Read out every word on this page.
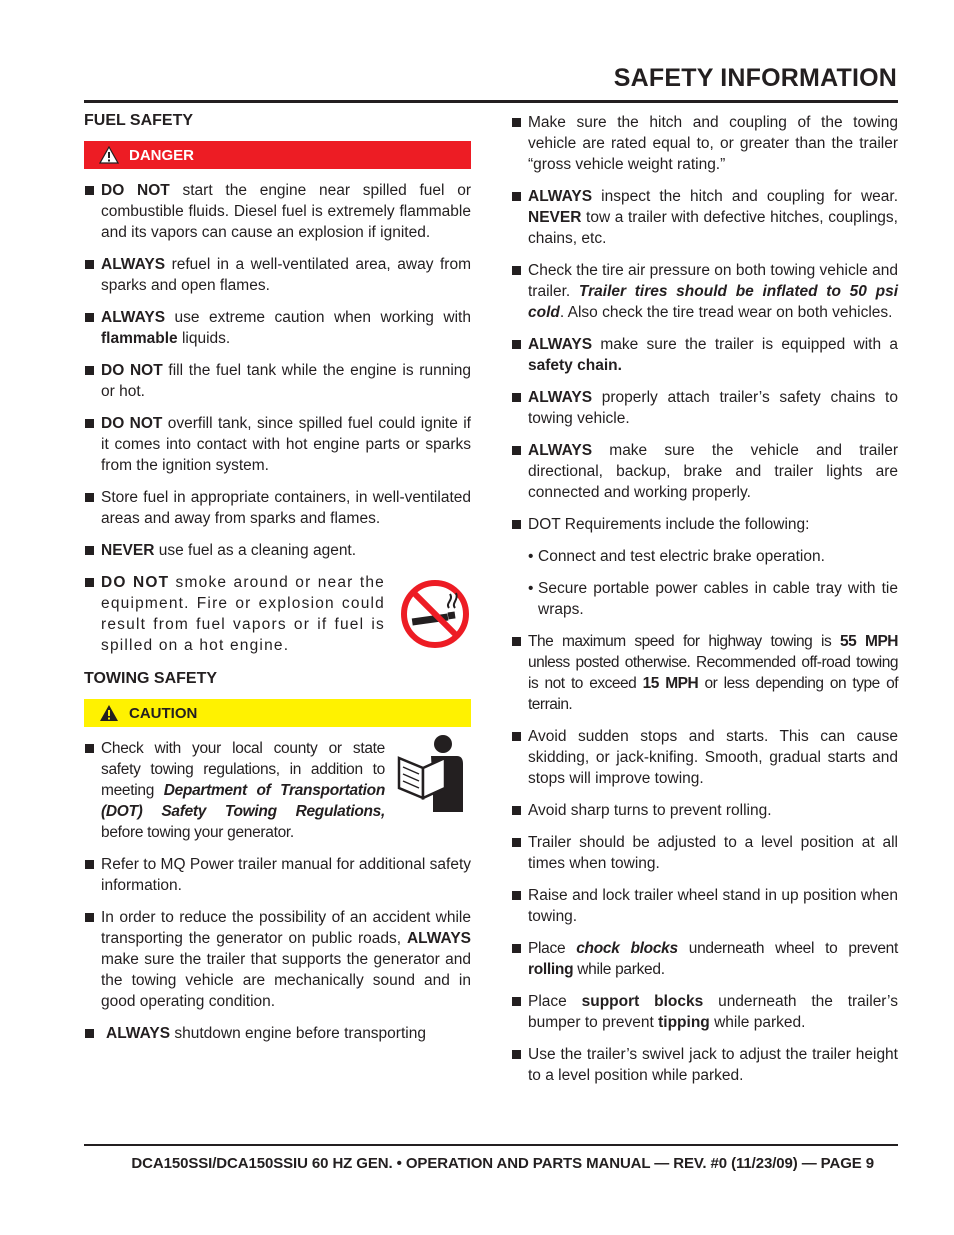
SAFETY INFORMATION
FUEL SAFETY
DANGER

DO NOT start the engine near spilled fuel or combustible fluids. Diesel fuel is extremely flammable and its vapors can cause an explosion if ignited.

ALWAYS refuel in a well-ventilated area, away from sparks and open flames.

ALWAYS use extreme caution when working with flammable liquids.

DO NOT fill the fuel tank while the engine is running or hot.

DO NOT overfill tank, since spilled fuel could ignite if it comes into contact with hot engine parts or sparks from the ignition system.

Store fuel in appropriate containers, in well-ventilated areas and away from sparks and flames.

NEVER use fuel as a cleaning agent.

DO NOT smoke around or near the equipment. Fire or explosion could result from fuel vapors or if fuel is spilled on a hot engine.

TOWING SAFETY
CAUTION

Check with your local county or state safety towing regulations, in addition to meeting Department of Transportation (DOT) Safety Towing Regulations, before towing your generator.

Refer to MQ Power trailer manual for additional safety information.

In order to reduce the possibility of an accident while transporting the generator on public roads, ALWAYS make sure the trailer that supports the generator and the towing vehicle are mechanically sound and in good operating condition.

ALWAYS shutdown engine before transporting

Make sure the hitch and coupling of the towing vehicle are rated equal to, or greater than the trailer “gross vehicle weight rating.”

ALWAYS inspect the hitch and coupling for wear. NEVER tow a trailer with defective hitches, couplings, chains, etc.

Check the tire air pressure on both towing vehicle and trailer. Trailer tires should be inflated to 50 psi cold. Also check the tire tread wear on both vehicles.

ALWAYS make sure the trailer is equipped with a safety chain.

ALWAYS properly attach trailer’s safety chains to towing vehicle.

ALWAYS make sure the vehicle and trailer directional, backup, brake and trailer lights are connected and working properly.

DOT Requirements include the following:

• Connect and test electric brake operation.

• Secure portable power cables in cable tray with tie wraps.

The maximum speed for highway towing is 55 MPH unless posted otherwise. Recommended off-road towing is not to exceed 15 MPH or less depending on type of terrain.

Avoid sudden stops and starts. This can cause skidding, or jack-knifing. Smooth, gradual starts and stops will improve towing.

Avoid sharp turns to prevent rolling.

Trailer should be adjusted to a level position at all times when towing.

Raise and lock trailer wheel stand in up position when towing.

Place chock blocks underneath wheel to prevent rolling while parked.

Place support blocks underneath the trailer’s bumper to prevent tipping while parked.

Use the trailer’s swivel jack to adjust the trailer height to a level position while parked.

DCA150SSI/DCA150SSIU 60 HZ GEN. • OPERATION AND PARTS MANUAL — REV. #0 (11/23/09) — PAGE 9
